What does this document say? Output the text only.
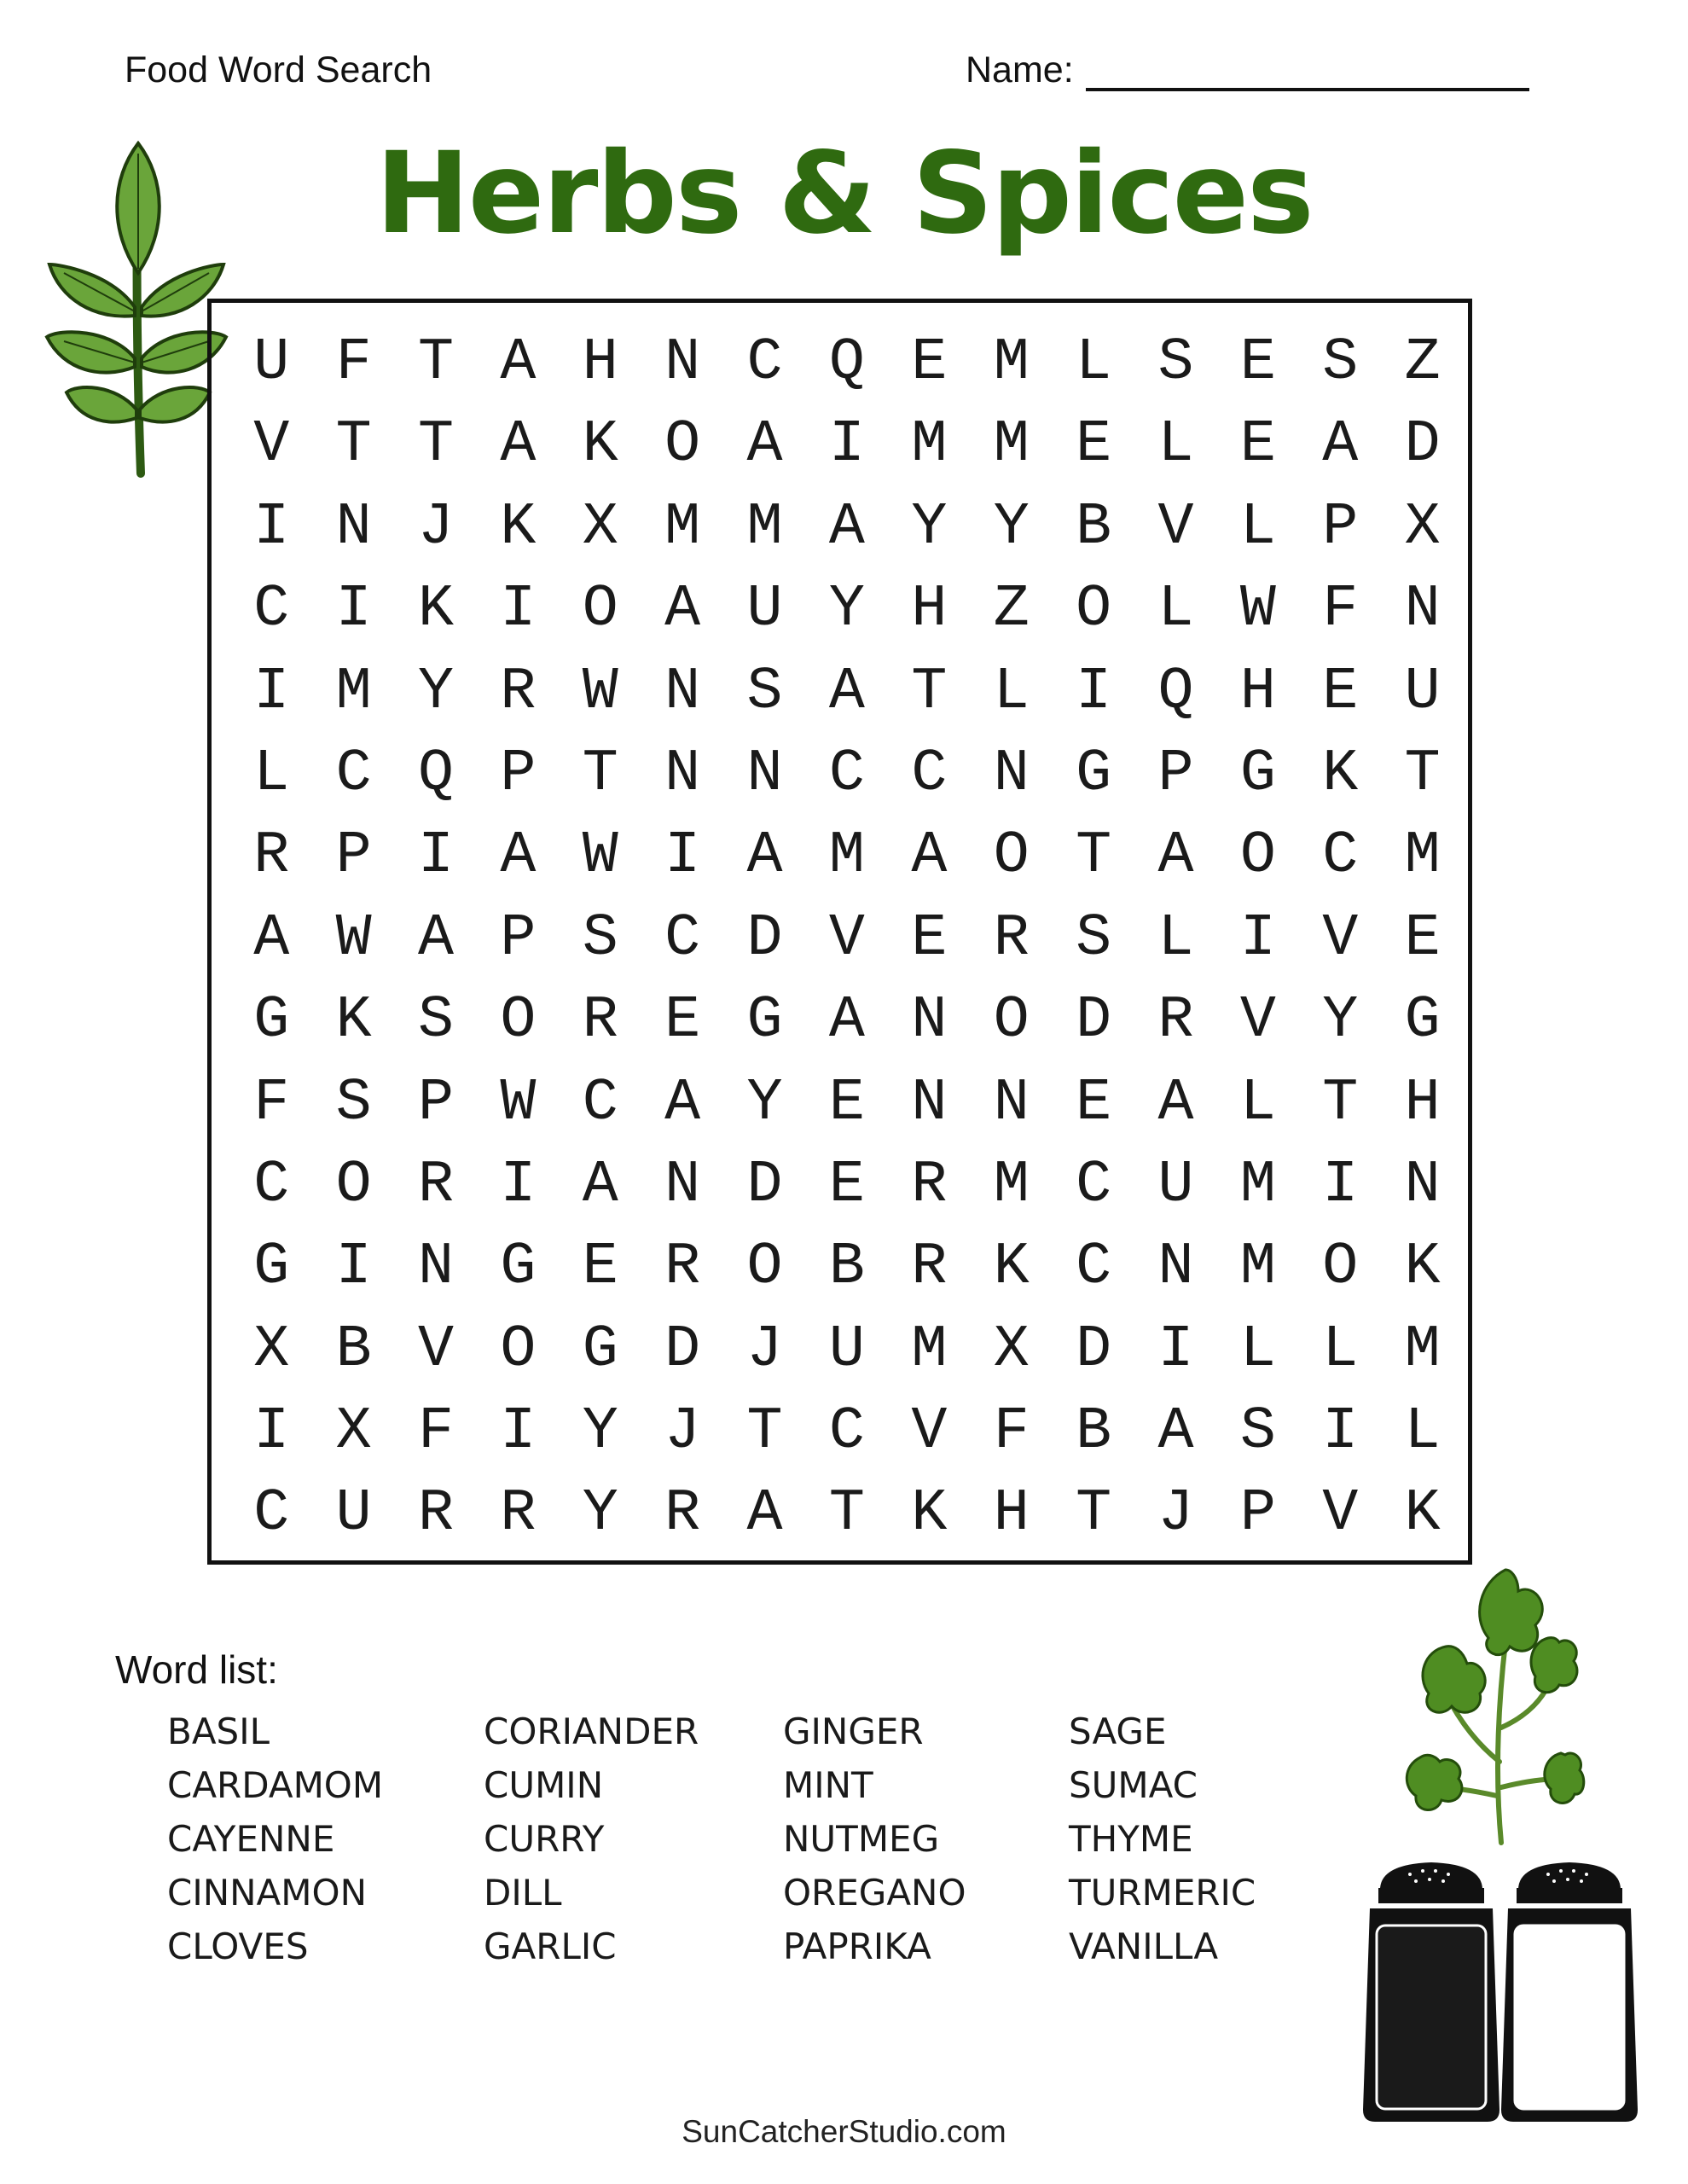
Food Word Search	Name:
Herbs & Spices
U F T A H N C Q E M L S E S Z
V T T A K O A I M M E L E A D
I N J K X M M A Y Y B V L P X
C I K I O A U Y H Z O L W F N
I M Y R W N S A T L I Q H E U
L C Q P T N N C C N G P G K T
R P I A W I A M A O T A O C M
A W A P S C D V E R S L I V E
G K S O R E G A N O D R V Y G
F S P W C A Y E N N E A L T H
C O R I A N D E R M C U M I N
G I N G E R O B R K C N M O K
X B V O G D J U M X D I L L M
I X F I Y J T C V F B A S I L
C U R R Y R A T K H T J P V K
Word list:
BASIL
CARDAMOM
CAYENNE
CINNAMON
CLOVES
CORIANDER
CUMIN
CURRY
DILL
GARLIC
GINGER
MINT
NUTMEG
OREGANO
PAPRIKA
SAGE
SUMAC
THYME
TURMERIC
VANILLA
SunCatcherStudio.com
